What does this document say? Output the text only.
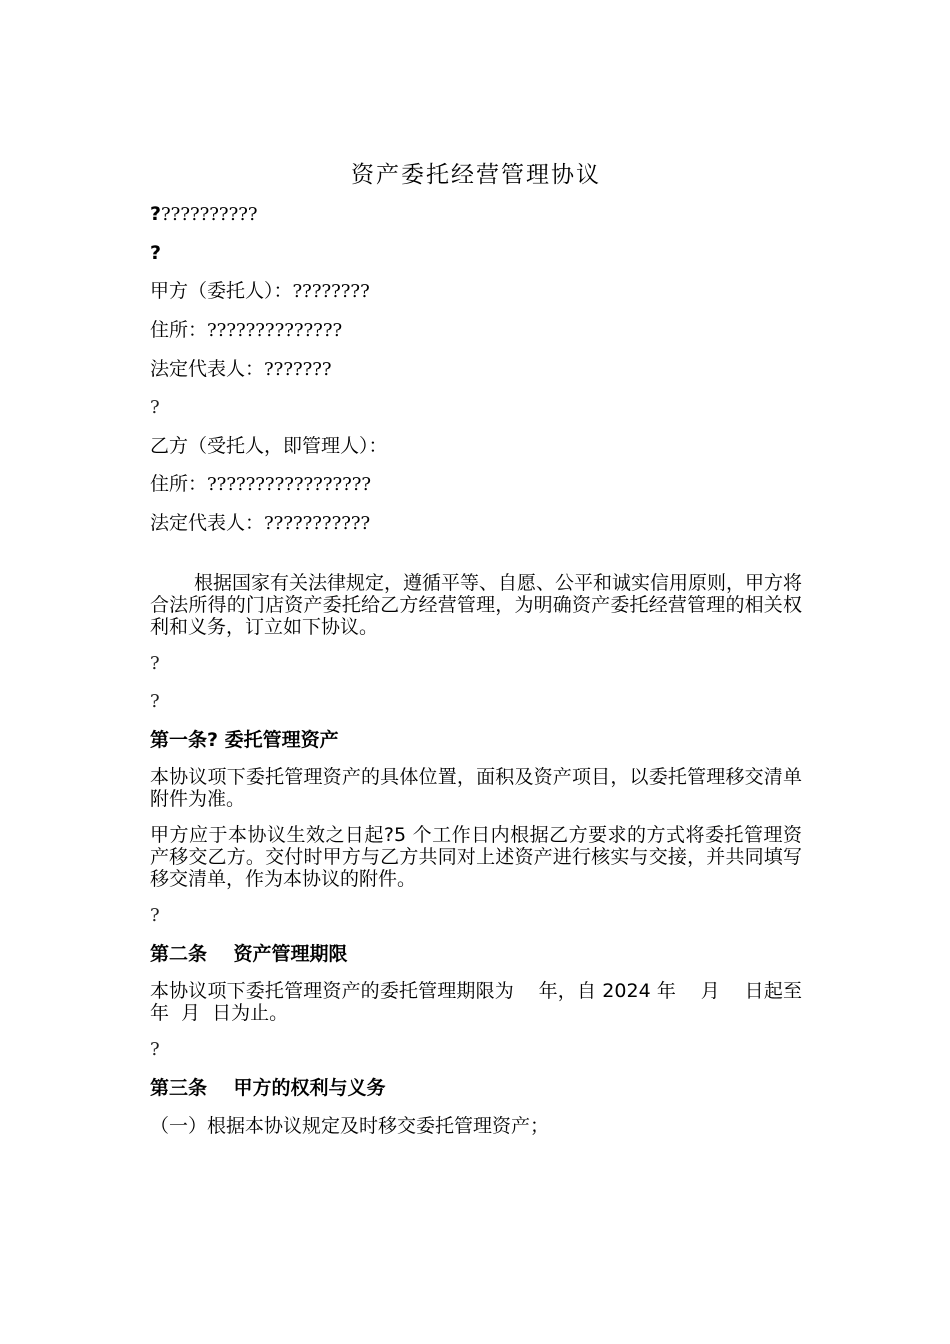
资产委托经营管理协议
???????????
?
甲方（委托人）：????????
住所：??????????????
法定代表人：???????
?
乙方（受托人，即管理人）：
住所：?????????????????
法定代表人：???????????
根据国家有关法律规定，遵循平等、自愿、公平和诚实信用原则，甲方将合法所得的门店资产委托给乙方经营管理，为明确资产委托经营管理的相关权利和义务，订立如下协议。
?
?
第一条? 委托管理资产
本协议项下委托管理资产的具体位置，面积及资产项目，以委托管理移交清单附件为准。
甲方应于本协议生效之日起?5 个工作日内根据乙方要求的方式将委托管理资产移交乙方。交付时甲方与乙方共同对上述资产进行核实与交接，并共同填写移交清单，作为本协议的附件。
?
第二条    资产管理期限
本协议项下委托管理资产的委托管理期限为    年，自 2024 年    月    日起至    年  月  日为止。
?
第三条    甲方的权利与义务
（一）根据本协议规定及时移交委托管理资产；
